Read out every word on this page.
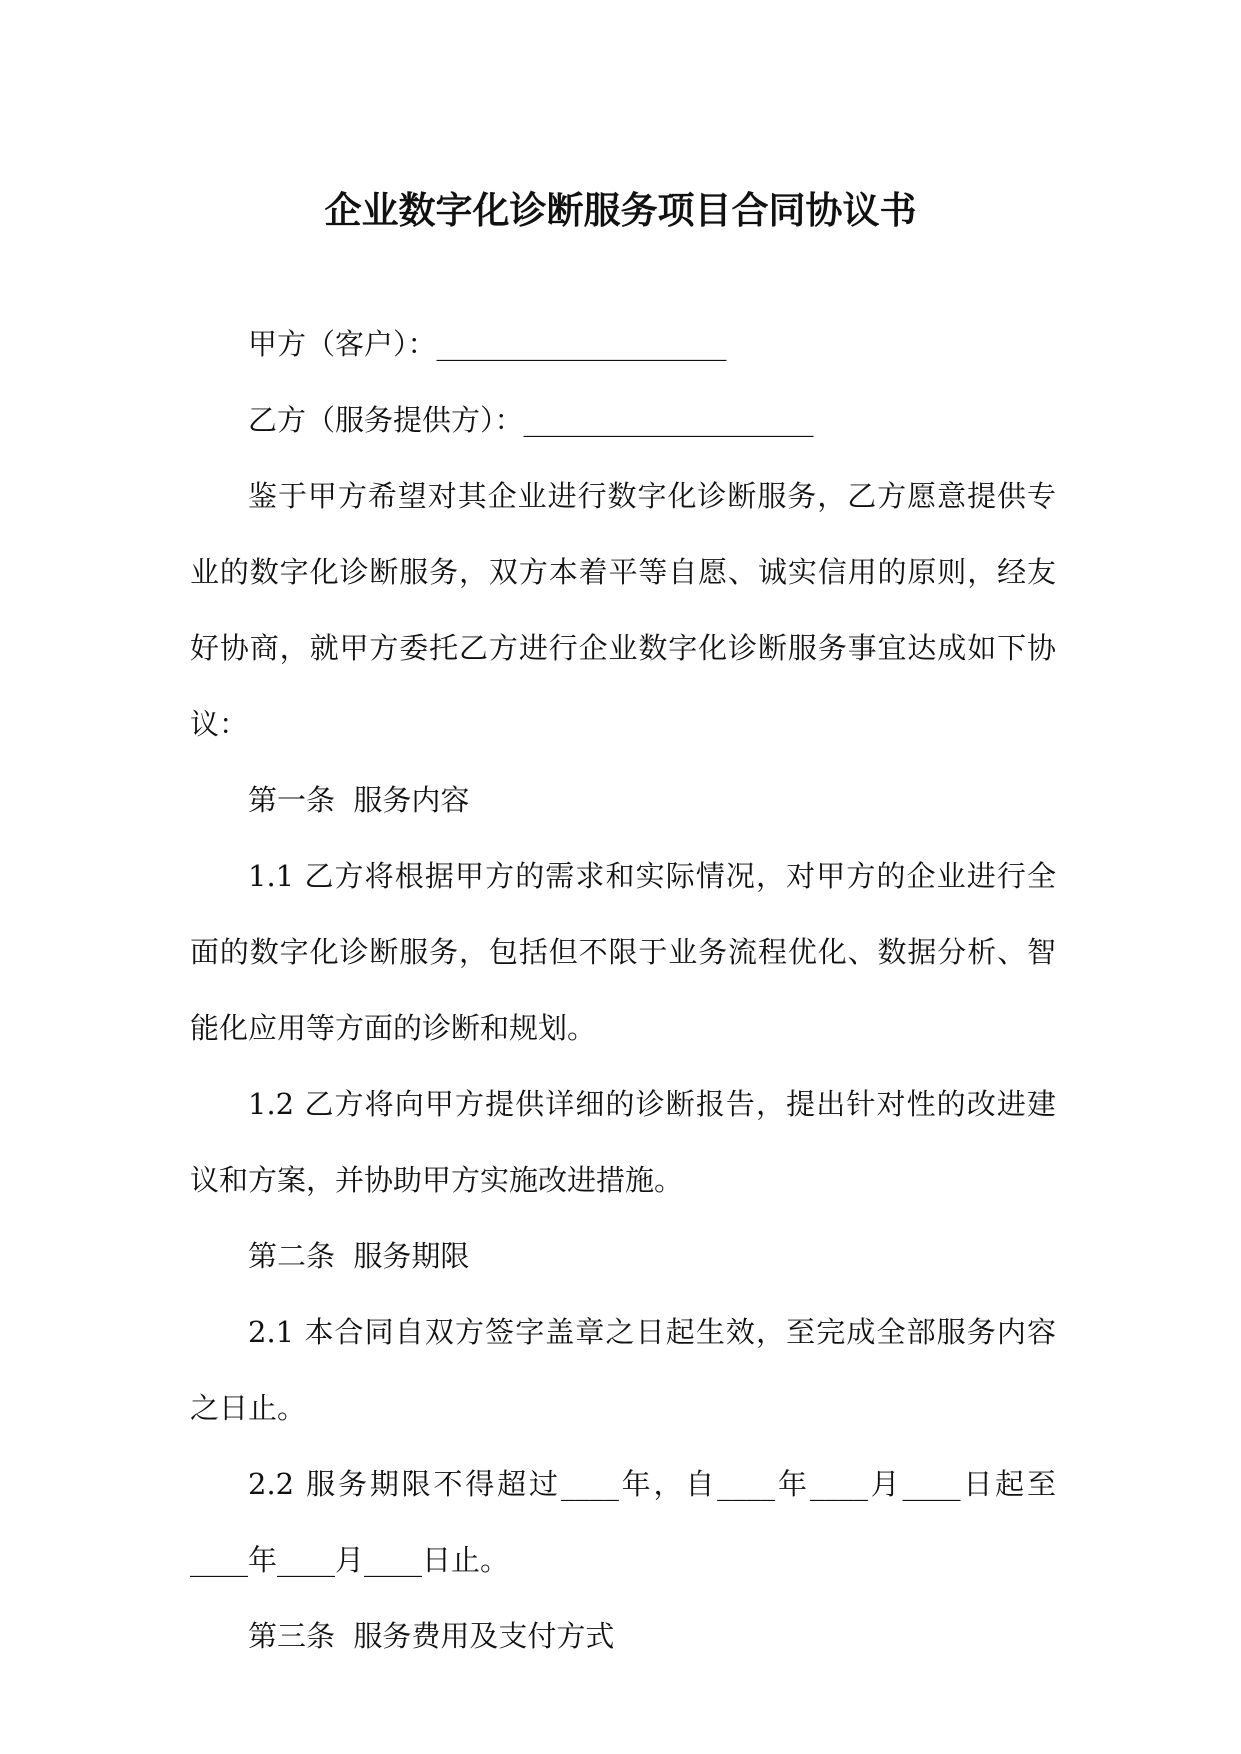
企业数字化诊断服务项目合同协议书

甲方（客户）：____________________

乙方（服务提供方）：____________________

鉴于甲方希望对其企业进行数字化诊断服务，乙方愿意提供专业的数字化诊断服务，双方本着平等自愿、诚实信用的原则，经友好协商，就甲方委托乙方进行企业数字化诊断服务事宜达成如下协议：

第一条  服务内容

1.1 乙方将根据甲方的需求和实际情况，对甲方的企业进行全面的数字化诊断服务，包括但不限于业务流程优化、数据分析、智能化应用等方面的诊断和规划。

1.2 乙方将向甲方提供详细的诊断报告，提出针对性的改进建议和方案，并协助甲方实施改进措施。

第二条  服务期限

2.1 本合同自双方签字盖章之日起生效，至完成全部服务内容之日止。

2.2 服务期限不得超过____年，自____年____月____日起至____年____月____日止。

第三条  服务费用及支付方式
